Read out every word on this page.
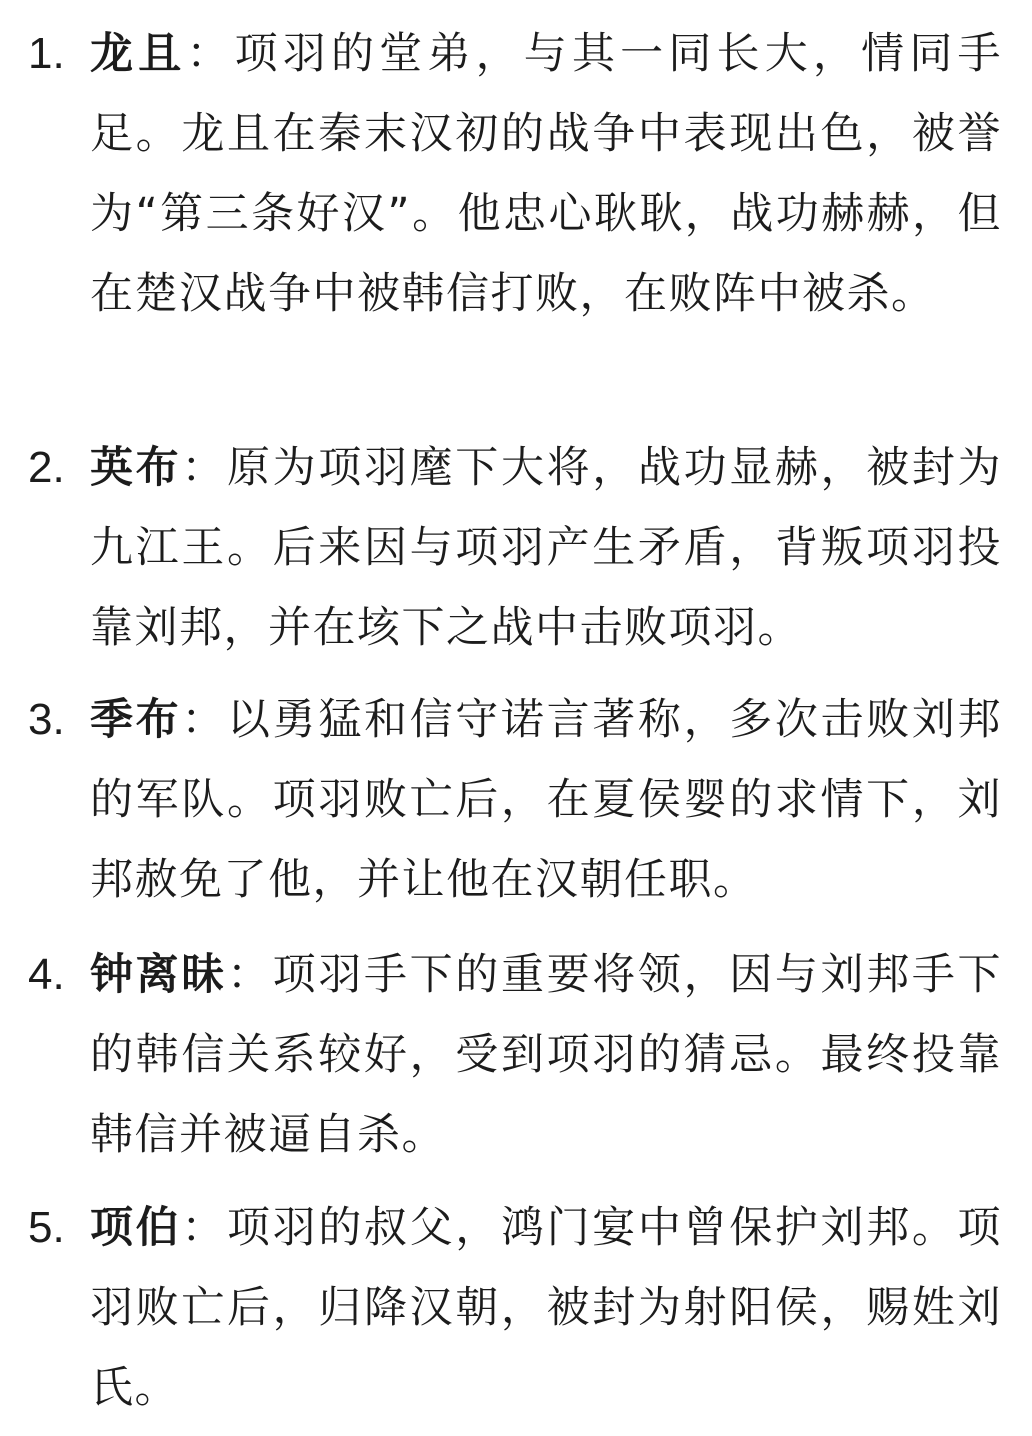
1. 龙且：项羽的堂弟，与其一同长大，情同手足。龙且在秦末汉初的战争中表现出色，被誉为“第三条好汉”。他忠心耿耿，战功赫赫，但在楚汉战争中被韩信打败，在败阵中被杀。
2. 英布：原为项羽麾下大将，战功显赫，被封为九江王。后来因与项羽产生矛盾，背叛项羽投靠刘邦，并在垓下之战中击败项羽。
3. 季布：以勇猛和信守诺言著称，多次击败刘邦的军队。项羽败亡后，在夏侯婴的求情下，刘邦赦免了他，并让他在汉朝任职。
4. 钟离昧：项羽手下的重要将领，因与刘邦手下的韩信关系较好，受到项羽的猜忌。最终投靠韩信并被逼自杀。
5. 项伯：项羽的叔父，鸿门宴中曾保护刘邦。项羽败亡后，归降汉朝，被封为射阳侯，赐姓刘氏。
